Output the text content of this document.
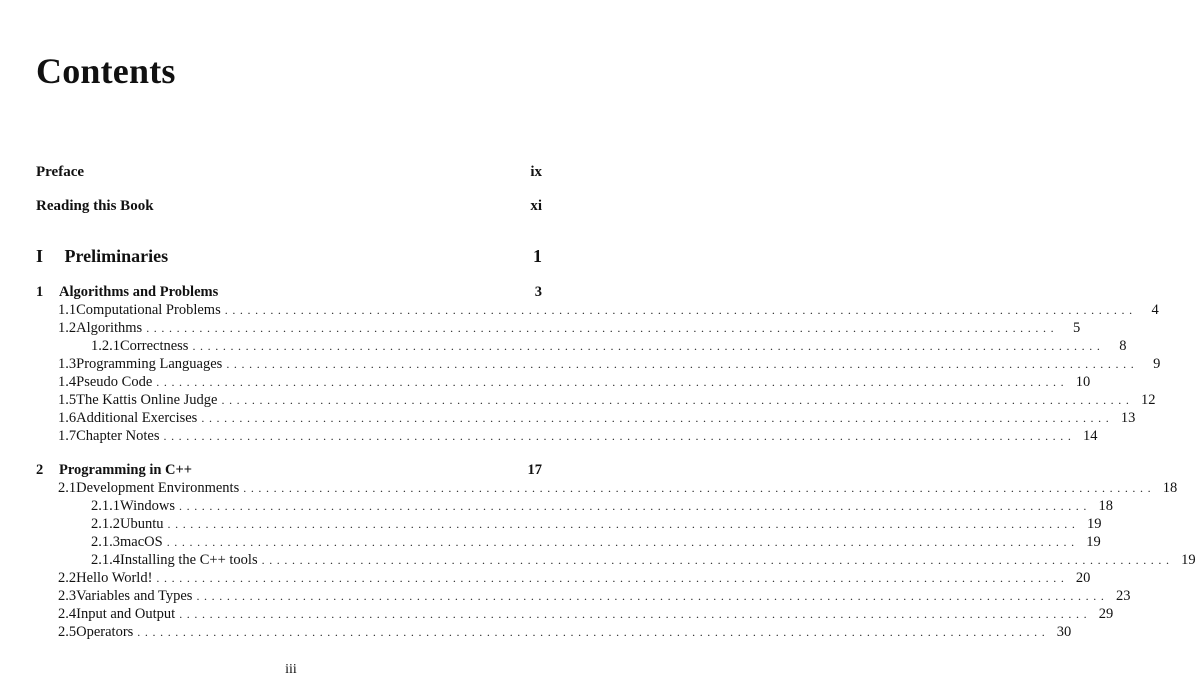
Contents
Preface	ix
Reading this Book	xi
I Preliminaries	1
1 Algorithms and Problems	3
1.1 Computational Problems ........................................................................................................................	4
1.2 Algorithms ........................................................................................................................	5
1.2.1 Correctness ........................................................................................................................	8
1.3 Programming Languages ........................................................................................................................	9
1.4 Pseudo Code ........................................................................................................................ 10
1.5 The Kattis Online Judge ........................................................................................................................ 12
1.6 Additional Exercises ........................................................................................................................ 13
1.7 Chapter Notes ........................................................................................................................ 14
2 Programming in C++	17
2.1 Development Environments ........................................................................................................................ 18
2.1.1 Windows ........................................................................................................................ 18
2.1.2 Ubuntu ........................................................................................................................ 19
2.1.3 macOS ........................................................................................................................ 19
2.1.4 Installing the C++ tools ........................................................................................................................ 19
2.2 Hello World! ........................................................................................................................ 20
2.3 Variables and Types ........................................................................................................................ 23
2.4 Input and Output ........................................................................................................................ 29
2.5 Operators ........................................................................................................................ 30
iii
